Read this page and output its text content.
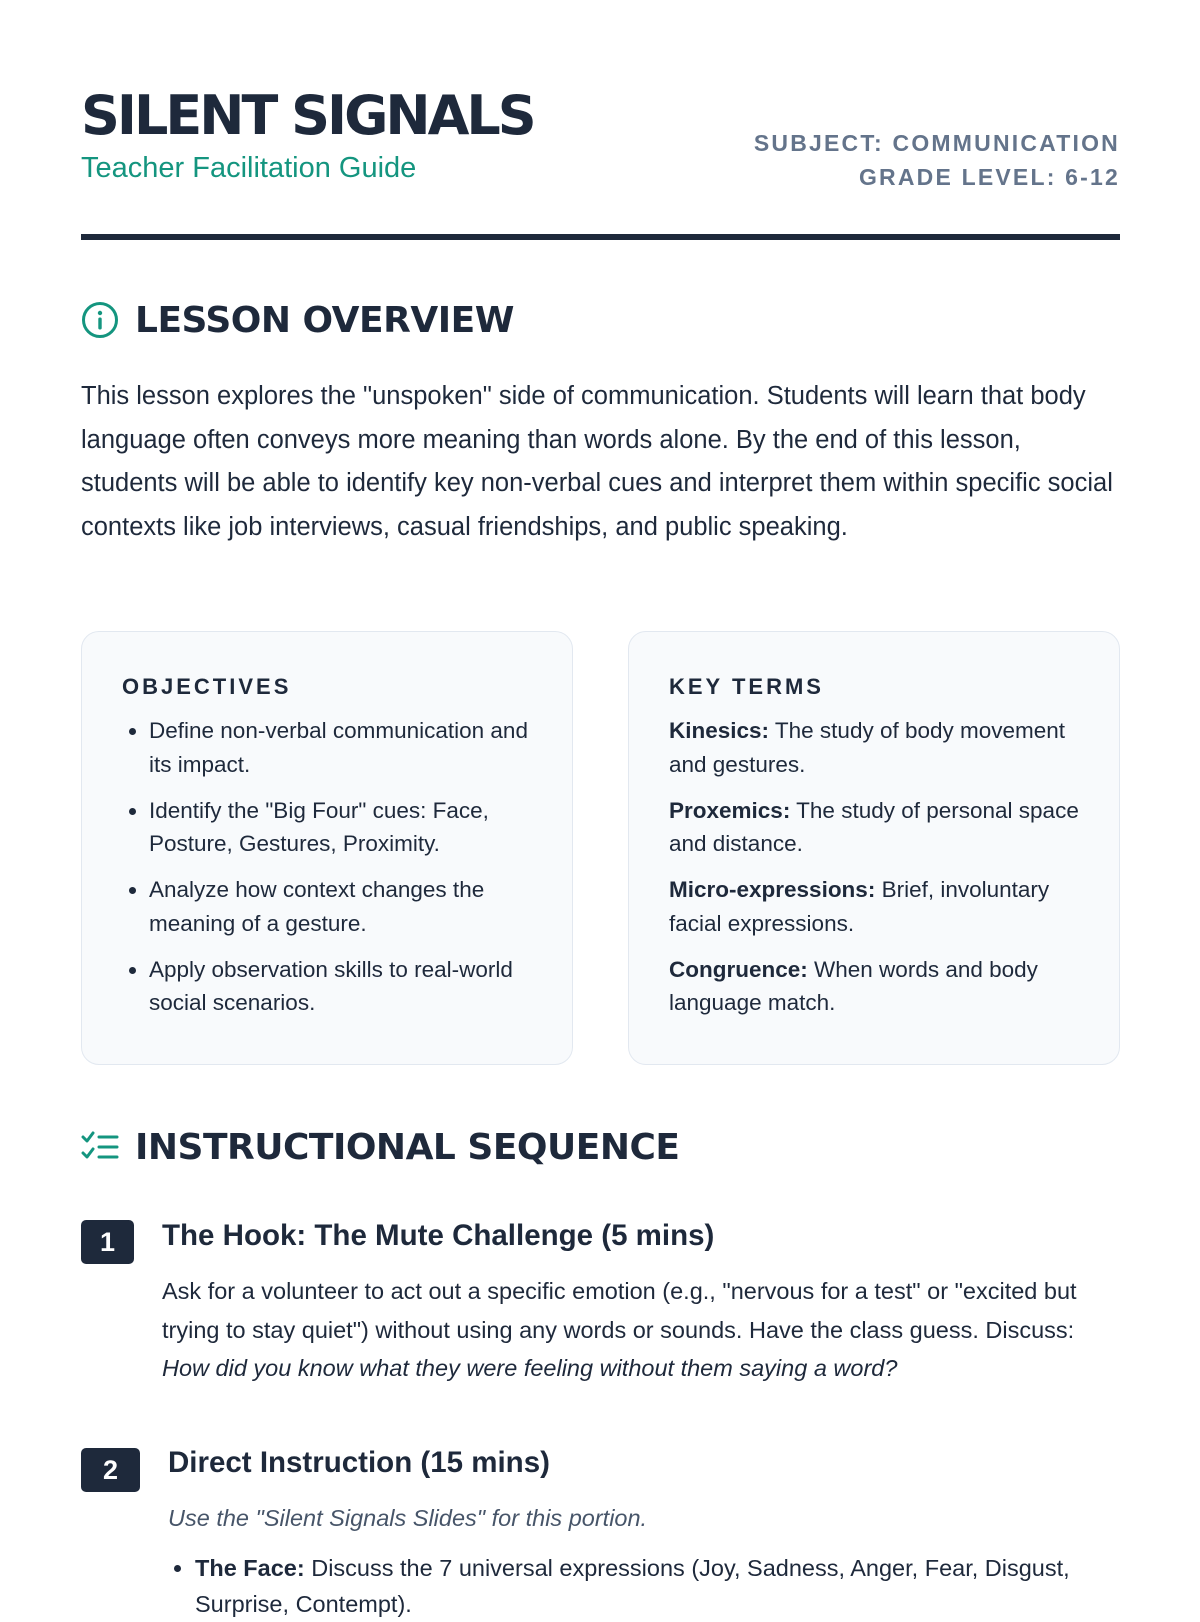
SILENT SIGNALS
Teacher Facilitation Guide
SUBJECT: COMMUNICATION
GRADE LEVEL: 6-12
LESSON OVERVIEW

This lesson explores the "unspoken" side of communication. Students will learn that body language often conveys more meaning than words alone. By the end of this lesson, students will be able to identify key non-verbal cues and interpret them within specific social contexts like job interviews, casual friendships, and public speaking.

OBJECTIVES
• Define non-verbal communication and its impact.
• Identify the "Big Four" cues: Face, Posture, Gestures, Proximity.
• Analyze how context changes the meaning of a gesture.
• Apply observation skills to real-world social scenarios.
KEY TERMS

Kinesics: The study of body movement and gestures.

Proxemics: The study of personal space and distance.

Micro-expressions: Brief, involuntary facial expressions.

Congruence: When words and body language match.

INSTRUCTIONAL SEQUENCE
1	The Hook: The Mute Challenge (5 mins)

Ask for a volunteer to act out a specific emotion (e.g., "nervous for a test" or "excited but trying to stay quiet") without using any words or sounds. Have the class guess. Discuss: How did you know what they were feeling without them saying a word?

2	Direct Instruction (15 mins)

Use the "Silent Signals Slides" for this portion.

• The Face: Discuss the 7 universal expressions (Joy, Sadness, Anger, Fear, Disgust, Surprise, Contempt).
